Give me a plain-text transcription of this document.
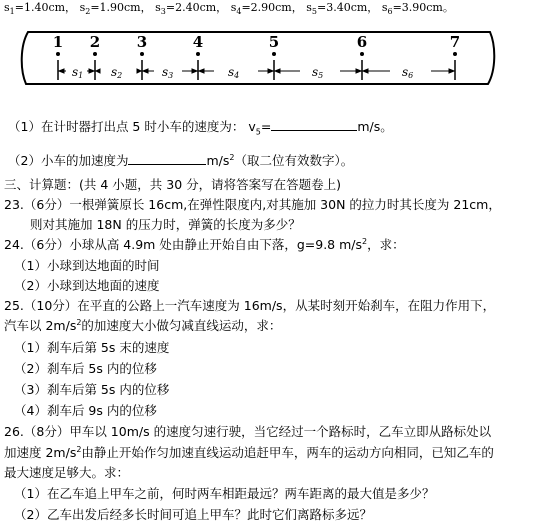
$s_1=1.40cm$， $s_2=1.90cm$， $s_3=2.40cm$， $s_4=2.90cm$， $s_5=3.40cm$， $s_6=3.90cm$。
1 2 3	4	5	6	7
s1 s2	s3	s4	s5	s6
（1）在计时器打出点 5 时小车的速度为： $v_5=$	m/s。
（2）小车的加速度为	$m/s^2$（取二位有效数字）。
三、计算题：(共 4 小题，共 30 分，请将答案写在答题卷上)
23.（6分）一根弹簧原长 16cm,在弹性限度内,对其施加 30N 的拉力时其长度为 21cm，
则对其施加 18N 的压力时，弹簧的长度为多少？
24.（6分）小球从高 4.9m 处由静止开始自由下落，g=9.8 $m/s^2$，求：
（1）小球到达地面的时间
（2）小球到达地面的速度
25.（10分）在平直的公路上一汽车速度为 16m/s，从某时刻开始刹车，在阻力作用下，
汽车以 $2m/s^2$的加速度大小做匀减直线运动，求：
（1）刹车后第 5s 末的速度
（2）刹车后 5s 内的位移
（3）刹车后第 5s 内的位移
（4）刹车后 9s 内的位移
26.（8分）甲车以 10m/s 的速度匀速行驶，当它经过一个路标时，乙车立即从路标处以
加速度 $2m/s^2$由静止开始作匀加速直线运动追赶甲车，两车的运动方向相同，已知乙车的
最大速度足够大。求：
（1）在乙车追上甲车之前，何时两车相距最远？两车距离的最大值是多少？
（2）乙车出发后经多长时间可追上甲车？此时它们离路标多远？
